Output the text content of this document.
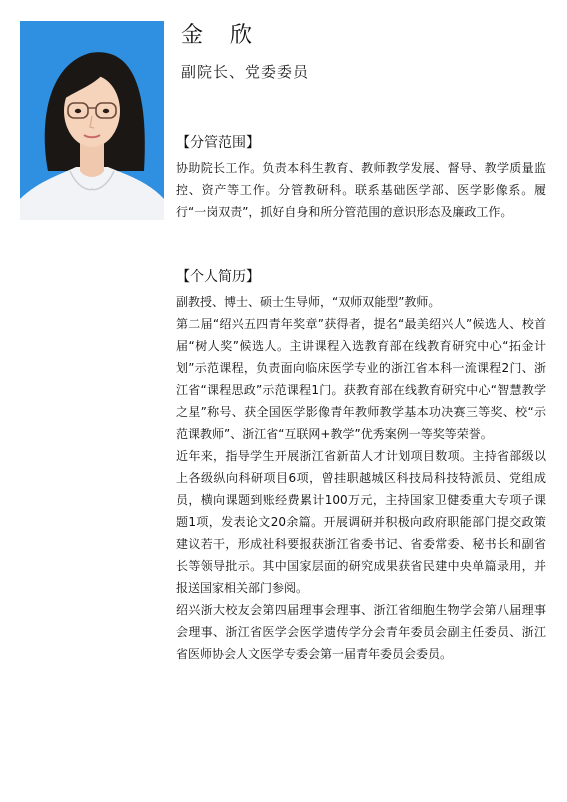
金 欣
副院长、党委委员
【分管范围】

协助院长工作。负责本科生教育、教师教学发展、督导、教学质量监控、资产等工作。分管教研科。联系基础医学部、医学影像系。履行“一岗双责”，抓好自身和所分管范围的意识形态及廉政工作。

【个人简历】

副教授、博士、硕士生导师，“双师双能型”教师。

第二届“绍兴五四青年奖章”获得者，提名“最美绍兴人”候选人、校首届“树人奖”候选人。主讲课程入选教育部在线教育研究中心“拓金计划”示范课程，负责面向临床医学专业的浙江省本科一流课程2门、浙江省“课程思政”示范课程1门。获教育部在线教育研究中心“智慧教学之星”称号、获全国医学影像青年教师教学基本功决赛三等奖、校“示范课教师”、浙江省“互联网+教学”优秀案例一等奖等荣誉。

近年来，指导学生开展浙江省新苗人才计划项目数项。主持省部级以上各级纵向科研项目6项，曾挂职越城区科技局科技特派员、党组成员，横向课题到账经费累计100万元，主持国家卫健委重大专项子课题1项，发表论文20余篇。开展调研并积极向政府职能部门提交政策建议若干，形成社科要报获浙江省委书记、省委常委、秘书长和副省长等领导批示。其中国家层面的研究成果获省民建中央单篇录用，并报送国家相关部门参阅。

绍兴浙大校友会第四届理事会理事、浙江省细胞生物学会第八届理事会理事、浙江省医学会医学遗传学分会青年委员会副主任委员、浙江省医师协会人文医学专委会第一届青年委员会委员。
